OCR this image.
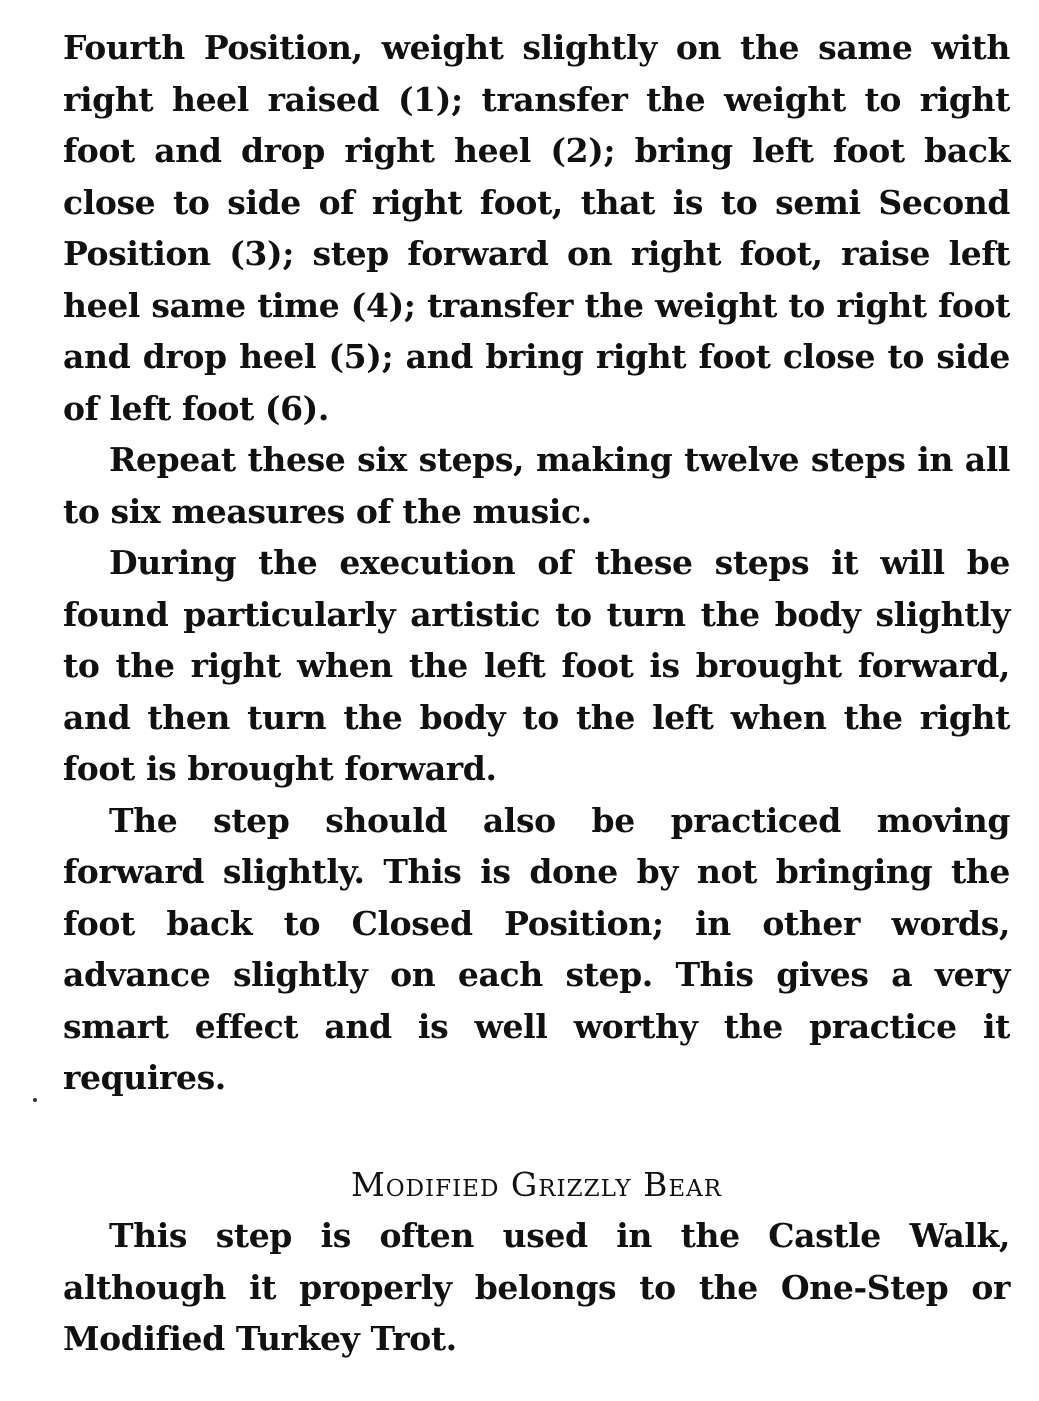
Fourth Position, weight slightly on the same with right heel raised (1); transfer the weight to right foot and drop right heel (2); bring left foot back close to side of right foot, that is to semi Second Position (3); step forward on right foot, raise left heel same time (4); transfer the weight to right foot and drop heel (5); and bring right foot close to side of left foot (6).

Repeat these six steps, making twelve steps in all to six measures of the music.

During the execution of these steps it will be found particularly artistic to turn the body slightly to the right when the left foot is brought forward, and then turn the body to the left when the right foot is brought forward.

The step should also be practiced moving forward slightly. This is done by not bringing the foot back to Closed Position; in other words, advance slightly on each step. This gives a very smart effect and is well worthy the practice it requires.

Modified Grizzly Bear

This step is often used in the Castle Walk, although it properly belongs to the One-Step or Modified Turkey Trot.
